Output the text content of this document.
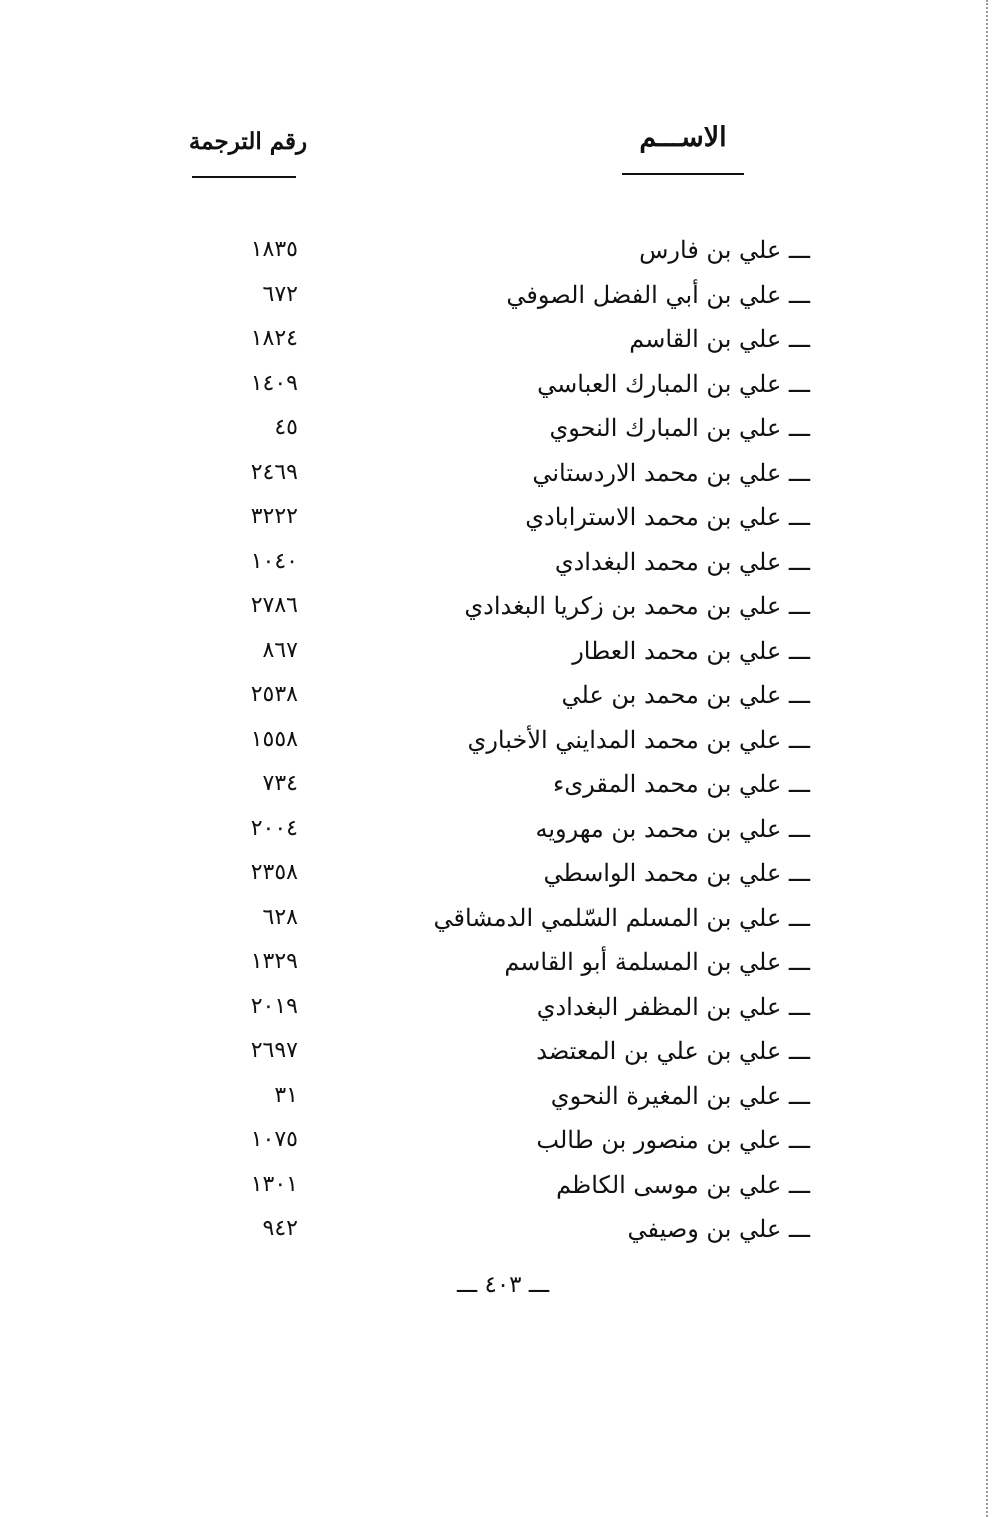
الاســـم
رقم الترجمة
ـــ علي بن فارس
١٨٣٥
ـــ علي بن أبي الفضل الصوفي
٦٧٢
ـــ علي بن القاسم
١٨٢٤
ـــ علي بن المبارك العباسي
١٤٠٩
ـــ علي بن المبارك النحوي
٤٥
ـــ علي بن محمد الاردستاني
٢٤٦٩
ـــ علي بن محمد الاسترابادي
٣٢٢٢
ـــ علي بن محمد البغدادي
١٠٤٠
ـــ علي بن محمد بن زكريا البغدادي
٢٧٨٦
ـــ علي بن محمد العطار
٨٦٧
ـــ علي بن محمد بن علي
٢٥٣٨
ـــ علي بن محمد المدايني الأخباري
١٥٥٨
ـــ علي بن محمد المقرىء
٧٣٤
ـــ علي بن محمد بن مهرويه
٢٠٠٤
ـــ علي بن محمد الواسطي
٢٣٥٨
ـــ علي بن المسلم السّلمي الدمشاقي
٦٢٨
ـــ علي بن المسلمة أبو القاسم
١٣٢٩
ـــ علي بن المظفر البغدادي
٢٠١٩
ـــ علي بن علي بن المعتضد
٢٦٩٧
ـــ علي بن المغيرة النحوي
٣١
ـــ علي بن منصور بن طالب
١٠٧٥
ـــ علي بن موسى الكاظم
١٣٠١
ـــ علي بن وصيفي
٩٤٢
ـــ ٤٠٣ ـــ
